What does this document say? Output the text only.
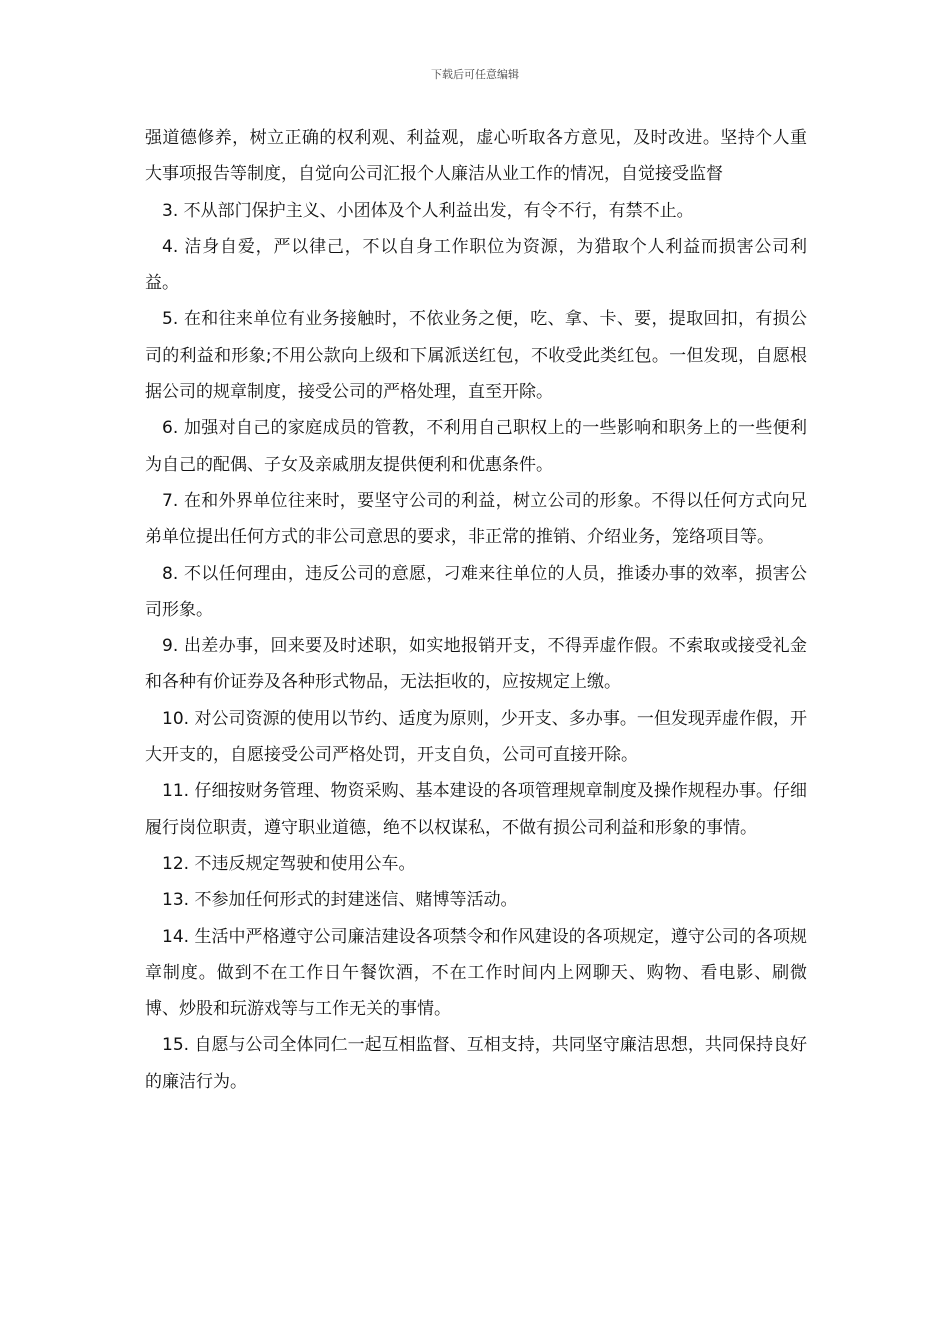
下载后可任意编辑

强道德修养，树立正确的权利观、利益观，虚心听取各方意见，及时改进。坚持个人重大事项报告等制度，自觉向公司汇报个人廉洁从业工作的情况，自觉接受监督

3. 不从部门保护主义、小团体及个人利益出发，有令不行，有禁不止。

4. 洁身自爱，严以律己，不以自身工作职位为资源，为猎取个人利益而损害公司利益。

5. 在和往来单位有业务接触时，不依业务之便，吃、拿、卡、要，提取回扣，有损公司的利益和形象;不用公款向上级和下属派送红包，不收受此类红包。一但发现，自愿根据公司的规章制度，接受公司的严格处理，直至开除。

6. 加强对自己的家庭成员的管教，不利用自己职权上的一些影响和职务上的一些便利为自己的配偶、子女及亲戚朋友提供便利和优惠条件。

7. 在和外界单位往来时，要坚守公司的利益，树立公司的形象。不得以任何方式向兄弟单位提出任何方式的非公司意思的要求，非正常的推销、介绍业务，笼络项目等。

8. 不以任何理由，违反公司的意愿，刁难来往单位的人员，推诿办事的效率，损害公司形象。

9. 出差办事，回来要及时述职，如实地报销开支，不得弄虚作假。不索取或接受礼金和各种有价证券及各种形式物品，无法拒收的，应按规定上缴。

10. 对公司资源的使用以节约、适度为原则，少开支、多办事。一但发现弄虚作假，开大开支的，自愿接受公司严格处罚，开支自负，公司可直接开除。

11. 仔细按财务管理、物资采购、基本建设的各项管理规章制度及操作规程办事。仔细履行岗位职责，遵守职业道德，绝不以权谋私，不做有损公司利益和形象的事情。

12. 不违反规定驾驶和使用公车。

13. 不参加任何形式的封建迷信、赌博等活动。

14. 生活中严格遵守公司廉洁建设各项禁令和作风建设的各项规定，遵守公司的各项规章制度。做到不在工作日午餐饮酒，不在工作时间内上网聊天、购物、看电影、刷微博、炒股和玩游戏等与工作无关的事情。

15. 自愿与公司全体同仁一起互相监督、互相支持，共同坚守廉洁思想，共同保持良好的廉洁行为。
